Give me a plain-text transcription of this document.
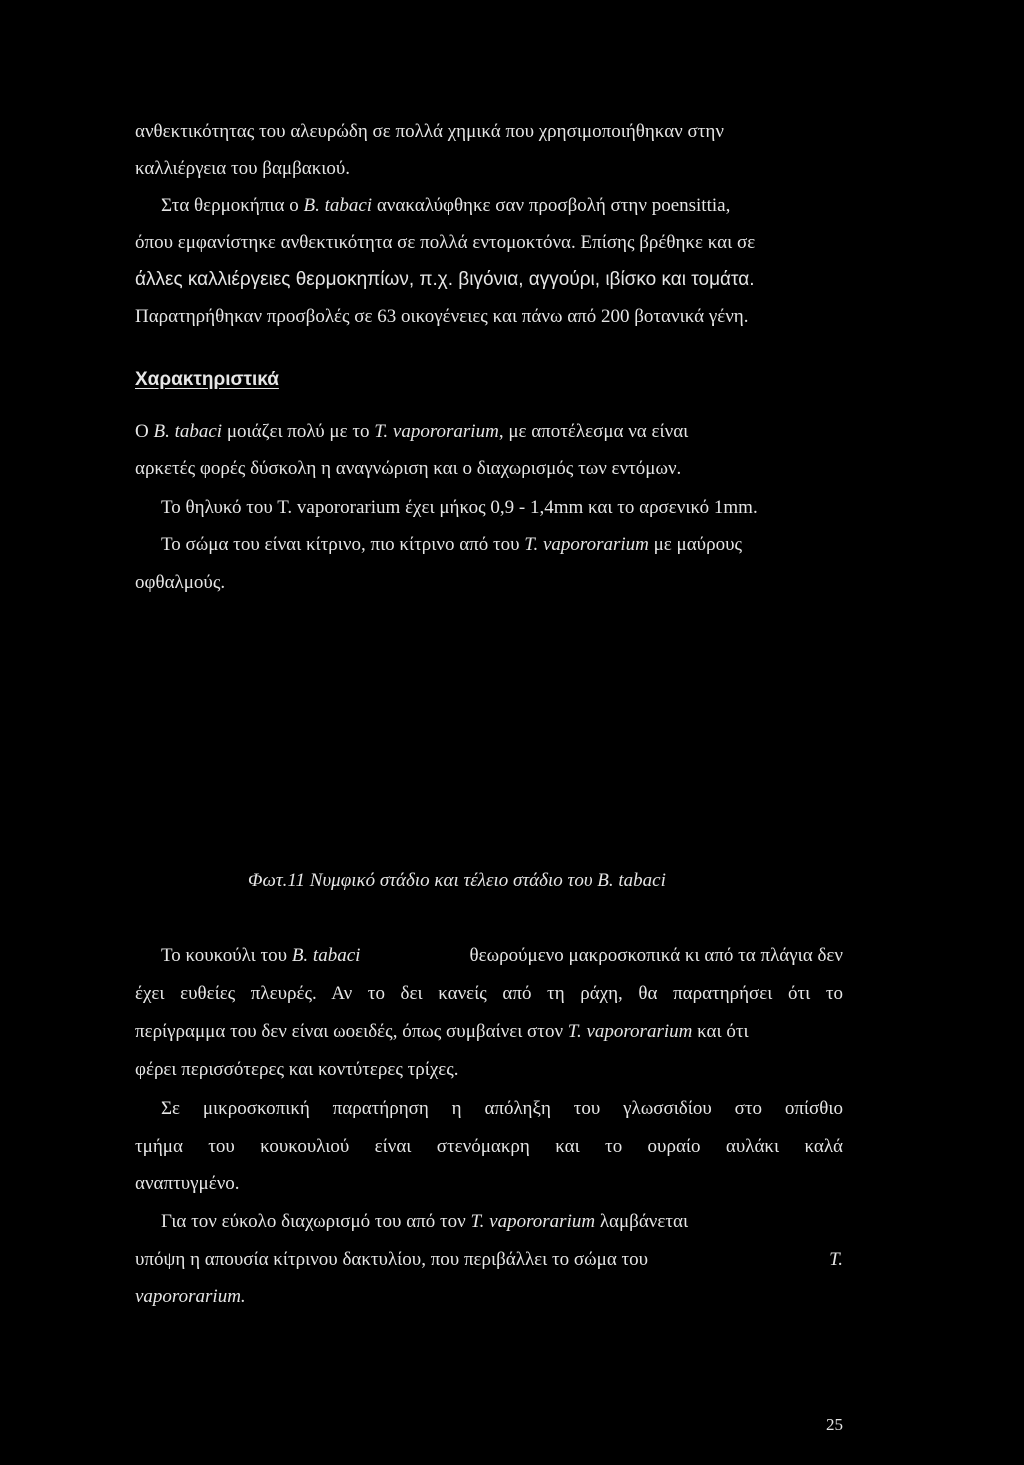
ανθεκτικότητας του αλευρώδη σε πολλά χημικά που χρησιμοποιήθηκαν στην
καλλιέργεια του βαμβακιού.
Στα θερμοκήπια ο B. tabaci ανακαλύφθηκε σαν προσβολή στην poensittia,
όπου εμφανίστηκε ανθεκτικότητα σε πολλά εντομοκτόνα. Επίσης βρέθηκε και σε
άλλες καλλιέργειες θερμοκηπίων, π.χ. βιγόνια, αγγούρι, ιβίσκο και τομάτα.
Παρατηρήθηκαν προσβολές σε 63 οικογένειες και πάνω από 200 βοτανικά γένη.
Χαρακτηριστικά
Ο B. tabaci μοιάζει πολύ με το T. vapororarium, με αποτέλεσμα να είναι
αρκετές φορές δύσκολη η αναγνώριση και ο διαχωρισμός των εντόμων.
Το θηλυκό του Τ. vapororarium έχει μήκος 0,9 - 1,4mm και το αρσενικό 1mm.
Το σώμα του είναι κίτρινο, πιο κίτρινο από του T. vapororarium με μαύρους
οφθαλμούς.
Φωτ.11 Νυμφικό στάδιο και τέλειο στάδιο του B. tabaci
Το κουκούλι του B. tabaci	θεωρούμενο μακροσκοπικά κι από τα πλάγια δεν
έχει ευθείες πλευρές. Αν το δει κανείς από τη ράχη, θα παρατηρήσει ότι το
περίγραμμα του δεν είναι ωοειδές, όπως συμβαίνει στον T. vapororarium και ότι
φέρει περισσότερες και κοντύτερες τρίχες.
Σε μικροσκοπική παρατήρηση η απόληξη του γλωσσιδίου στο οπίσθιο
τμήμα του κουκουλιού είναι στενόμακρη και το ουραίο αυλάκι καλά
αναπτυγμένο.
Για τον εύκολο διαχωρισμό του από τον T. vapororarium λαμβάνεται
υπόψη η απουσία κίτρινου δακτυλίου, που περιβάλλει το σώμα του	T.
vapororarium.
25
